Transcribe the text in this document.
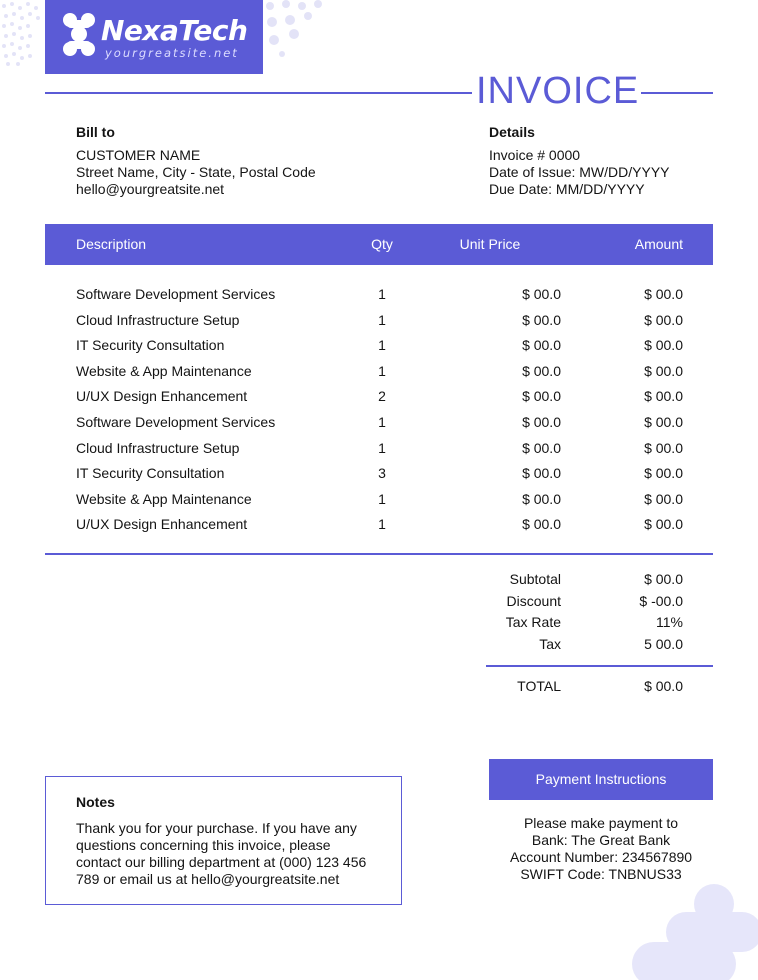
NexaTech
yourgreatsite.net
INVOICE
Bill to
CUSTOMER NAME
Street Name, City - State, Postal Code
hello@yourgreatsite.net
Details
Invoice # 0000
Date of Issue: MW/DD/YYYY
Due Date: MM/DD/YYYY
Description	Qty	Unit Price	Amount
Software Development Services	1	$ 00.0	$ 00.0
Cloud Infrastructure Setup	1	$ 00.0	$ 00.0
IT Security Consultation	1	$ 00.0	$ 00.0
Website & App Maintenance	1	$ 00.0	$ 00.0
U/UX Design Enhancement	2	$ 00.0	$ 00.0
Software Development Services	1	$ 00.0	$ 00.0
Cloud Infrastructure Setup	1	$ 00.0	$ 00.0
IT Security Consultation	3	$ 00.0	$ 00.0
Website & App Maintenance	1	$ 00.0	$ 00.0
U/UX Design Enhancement	1	$ 00.0	$ 00.0
Subtotal	$ 00.0
Discount	$ -00.0
Tax Rate	11%
Tax	5 00.0
TOTAL	$ 00.0
Notes
Thank you for your purchase. If you have any questions concerning this invoice, please contact our billing department at (000) 123 456 789 or email us at hello@yourgreatsite.net
Payment Instructions
Please make payment to
Bank: The Great Bank
Account Number: 234567890
SWIFT Code: TNBNUS33
